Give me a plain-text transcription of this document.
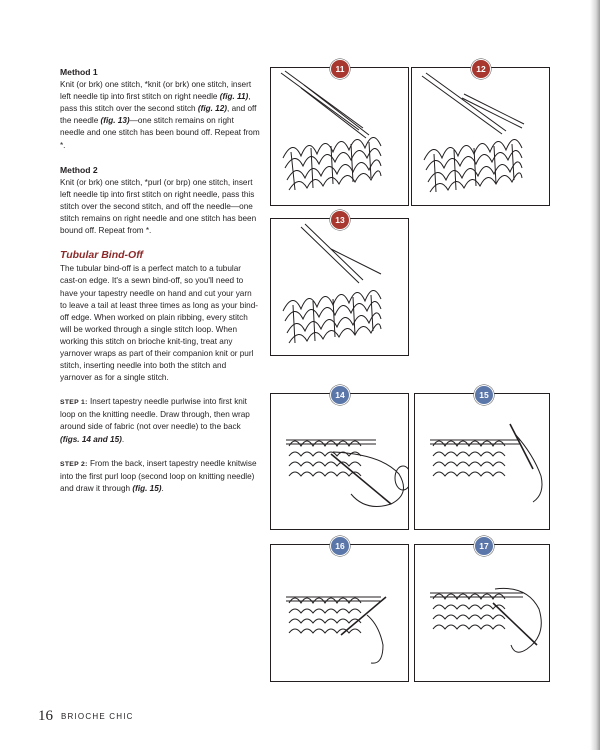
Method 1

Knit (or brk) one stitch, *knit (or brk) one stitch, insert left needle tip into first stitch on right needle (fig. 11), pass this stitch over the second stitch (fig. 12), and off the needle (fig. 13)—one stitch remains on right needle and one stitch has been bound off. Repeat from *.

Method 2

Knit (or brk) one stitch, *purl (or brp) one stitch, insert left needle tip into first stitch on right needle, pass this stitch over the second stitch, and off the needle—one stitch remains on right needle and one stitch has been bound off. Repeat from *.

Tubular Bind-Off

The tubular bind-off is a perfect match to a tubular cast-on edge. It's a sewn bind-off, so you'll need to have your tapestry needle on hand and cut your yarn to leave a tail at least three times as long as your bind-off edge. When worked on plain ribbing, every stitch will be worked through a single stitch loop. When working this stitch on brioche knit-ting, treat any yarnover wraps as part of their companion knit or purl stitch, inserting needle into both the stitch and yarnover as for a single stitch.

STEP 1: Insert tapestry needle purlwise into first knit loop on the knitting needle. Draw through, then wrap around side of fabric (not over needle) to the back (figs. 14 and 15).

STEP 2: From the back, insert tapestry needle knitwise into the first purl loop (second loop on knitting needle) and draw it through (fig. 15).

11	12
13
14	15
16	17
16 BRIOCHE CHIC
